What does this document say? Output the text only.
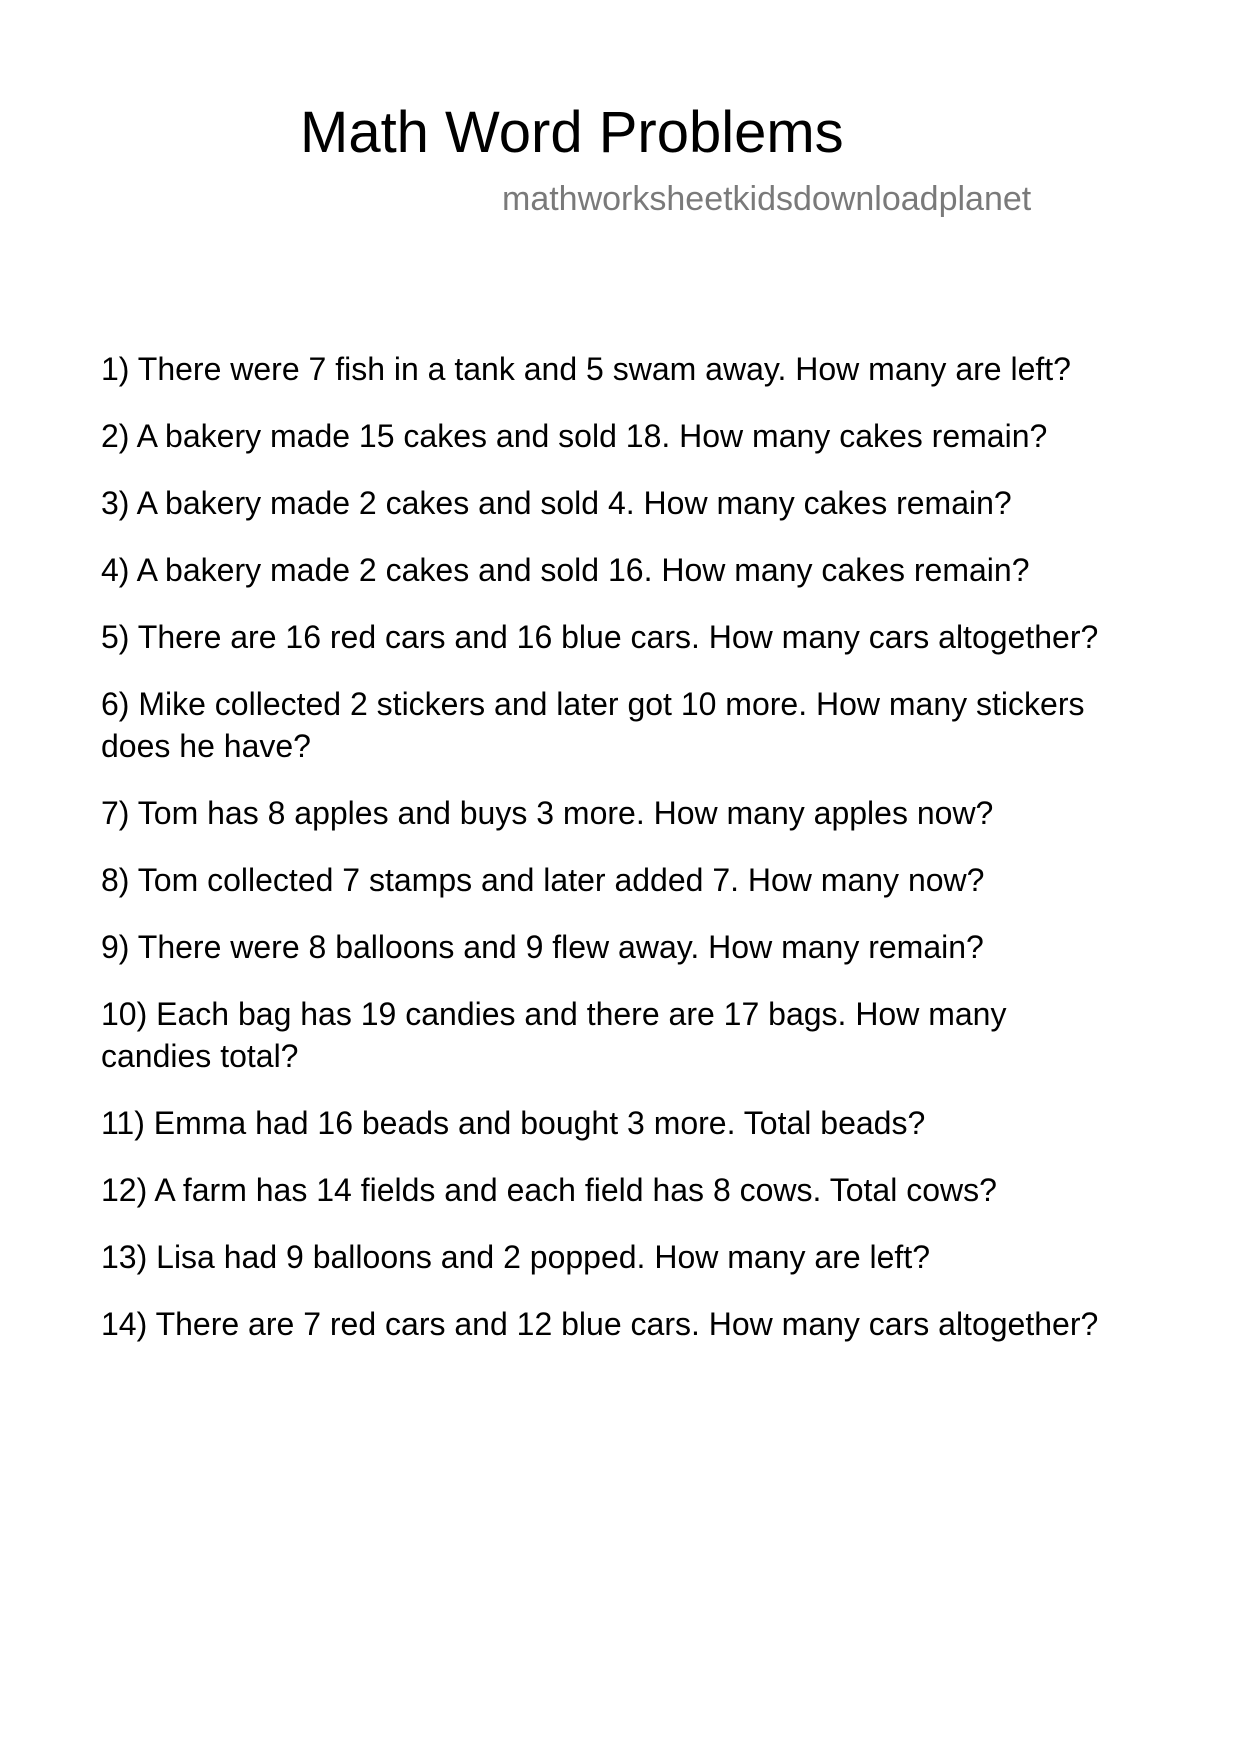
Math Word Problems
mathworksheetkidsdownloadplanet
1) There were 7 fish in a tank and 5 swam away. How many are left?
2) A bakery made 15 cakes and sold 18. How many cakes remain?
3) A bakery made 2 cakes and sold 4. How many cakes remain?
4) A bakery made 2 cakes and sold 16. How many cakes remain?
5) There are 16 red cars and 16 blue cars. How many cars altogether?
6) Mike collected 2 stickers and later got 10 more. How many stickers does he have?
7) Tom has 8 apples and buys 3 more. How many apples now?
8) Tom collected 7 stamps and later added 7. How many now?
9) There were 8 balloons and 9 flew away. How many remain?
10) Each bag has 19 candies and there are 17 bags. How many candies total?
11) Emma had 16 beads and bought 3 more. Total beads?
12) A farm has 14 fields and each field has 8 cows. Total cows?
13) Lisa had 9 balloons and 2 popped. How many are left?
14) There are 7 red cars and 12 blue cars. How many cars altogether?
